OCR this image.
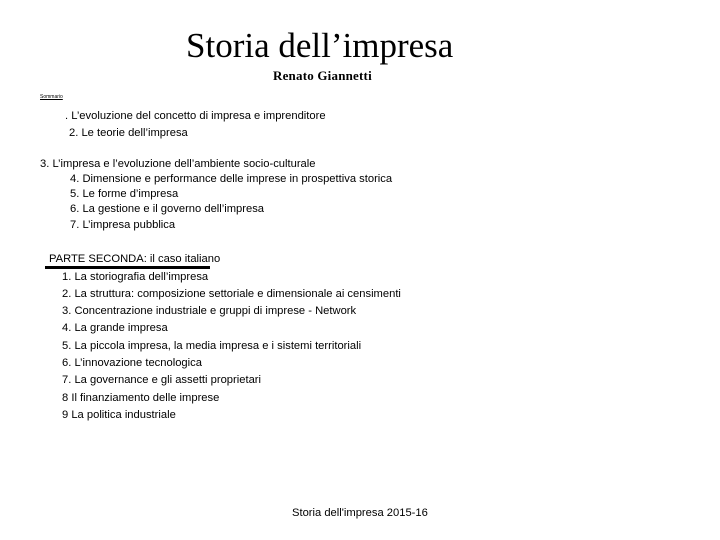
Storia dell’impresa
Renato Giannetti
Sommario
. L’evoluzione del concetto di impresa e imprenditore
2. Le teorie dell’impresa
3. L’impresa e l’evoluzione dell’ambiente socio-culturale
4. Dimensione e performance delle imprese in prospettiva storica
5. Le forme d’impresa
6. La gestione e il governo dell’impresa
7. L’impresa pubblica
PARTE SECONDA: il caso italiano
1. La storiografia dell’impresa
2. La struttura: composizione settoriale e dimensionale ai censimenti
3. Concentrazione industriale e gruppi di imprese - Network
4. La grande impresa
5. La piccola impresa, la media impresa e i sistemi territoriali
6. L’innovazione tecnologica
7. La governance e gli assetti proprietari
8 Il finanziamento delle imprese
9 La politica industriale
Storia dell'impresa 2015-16
